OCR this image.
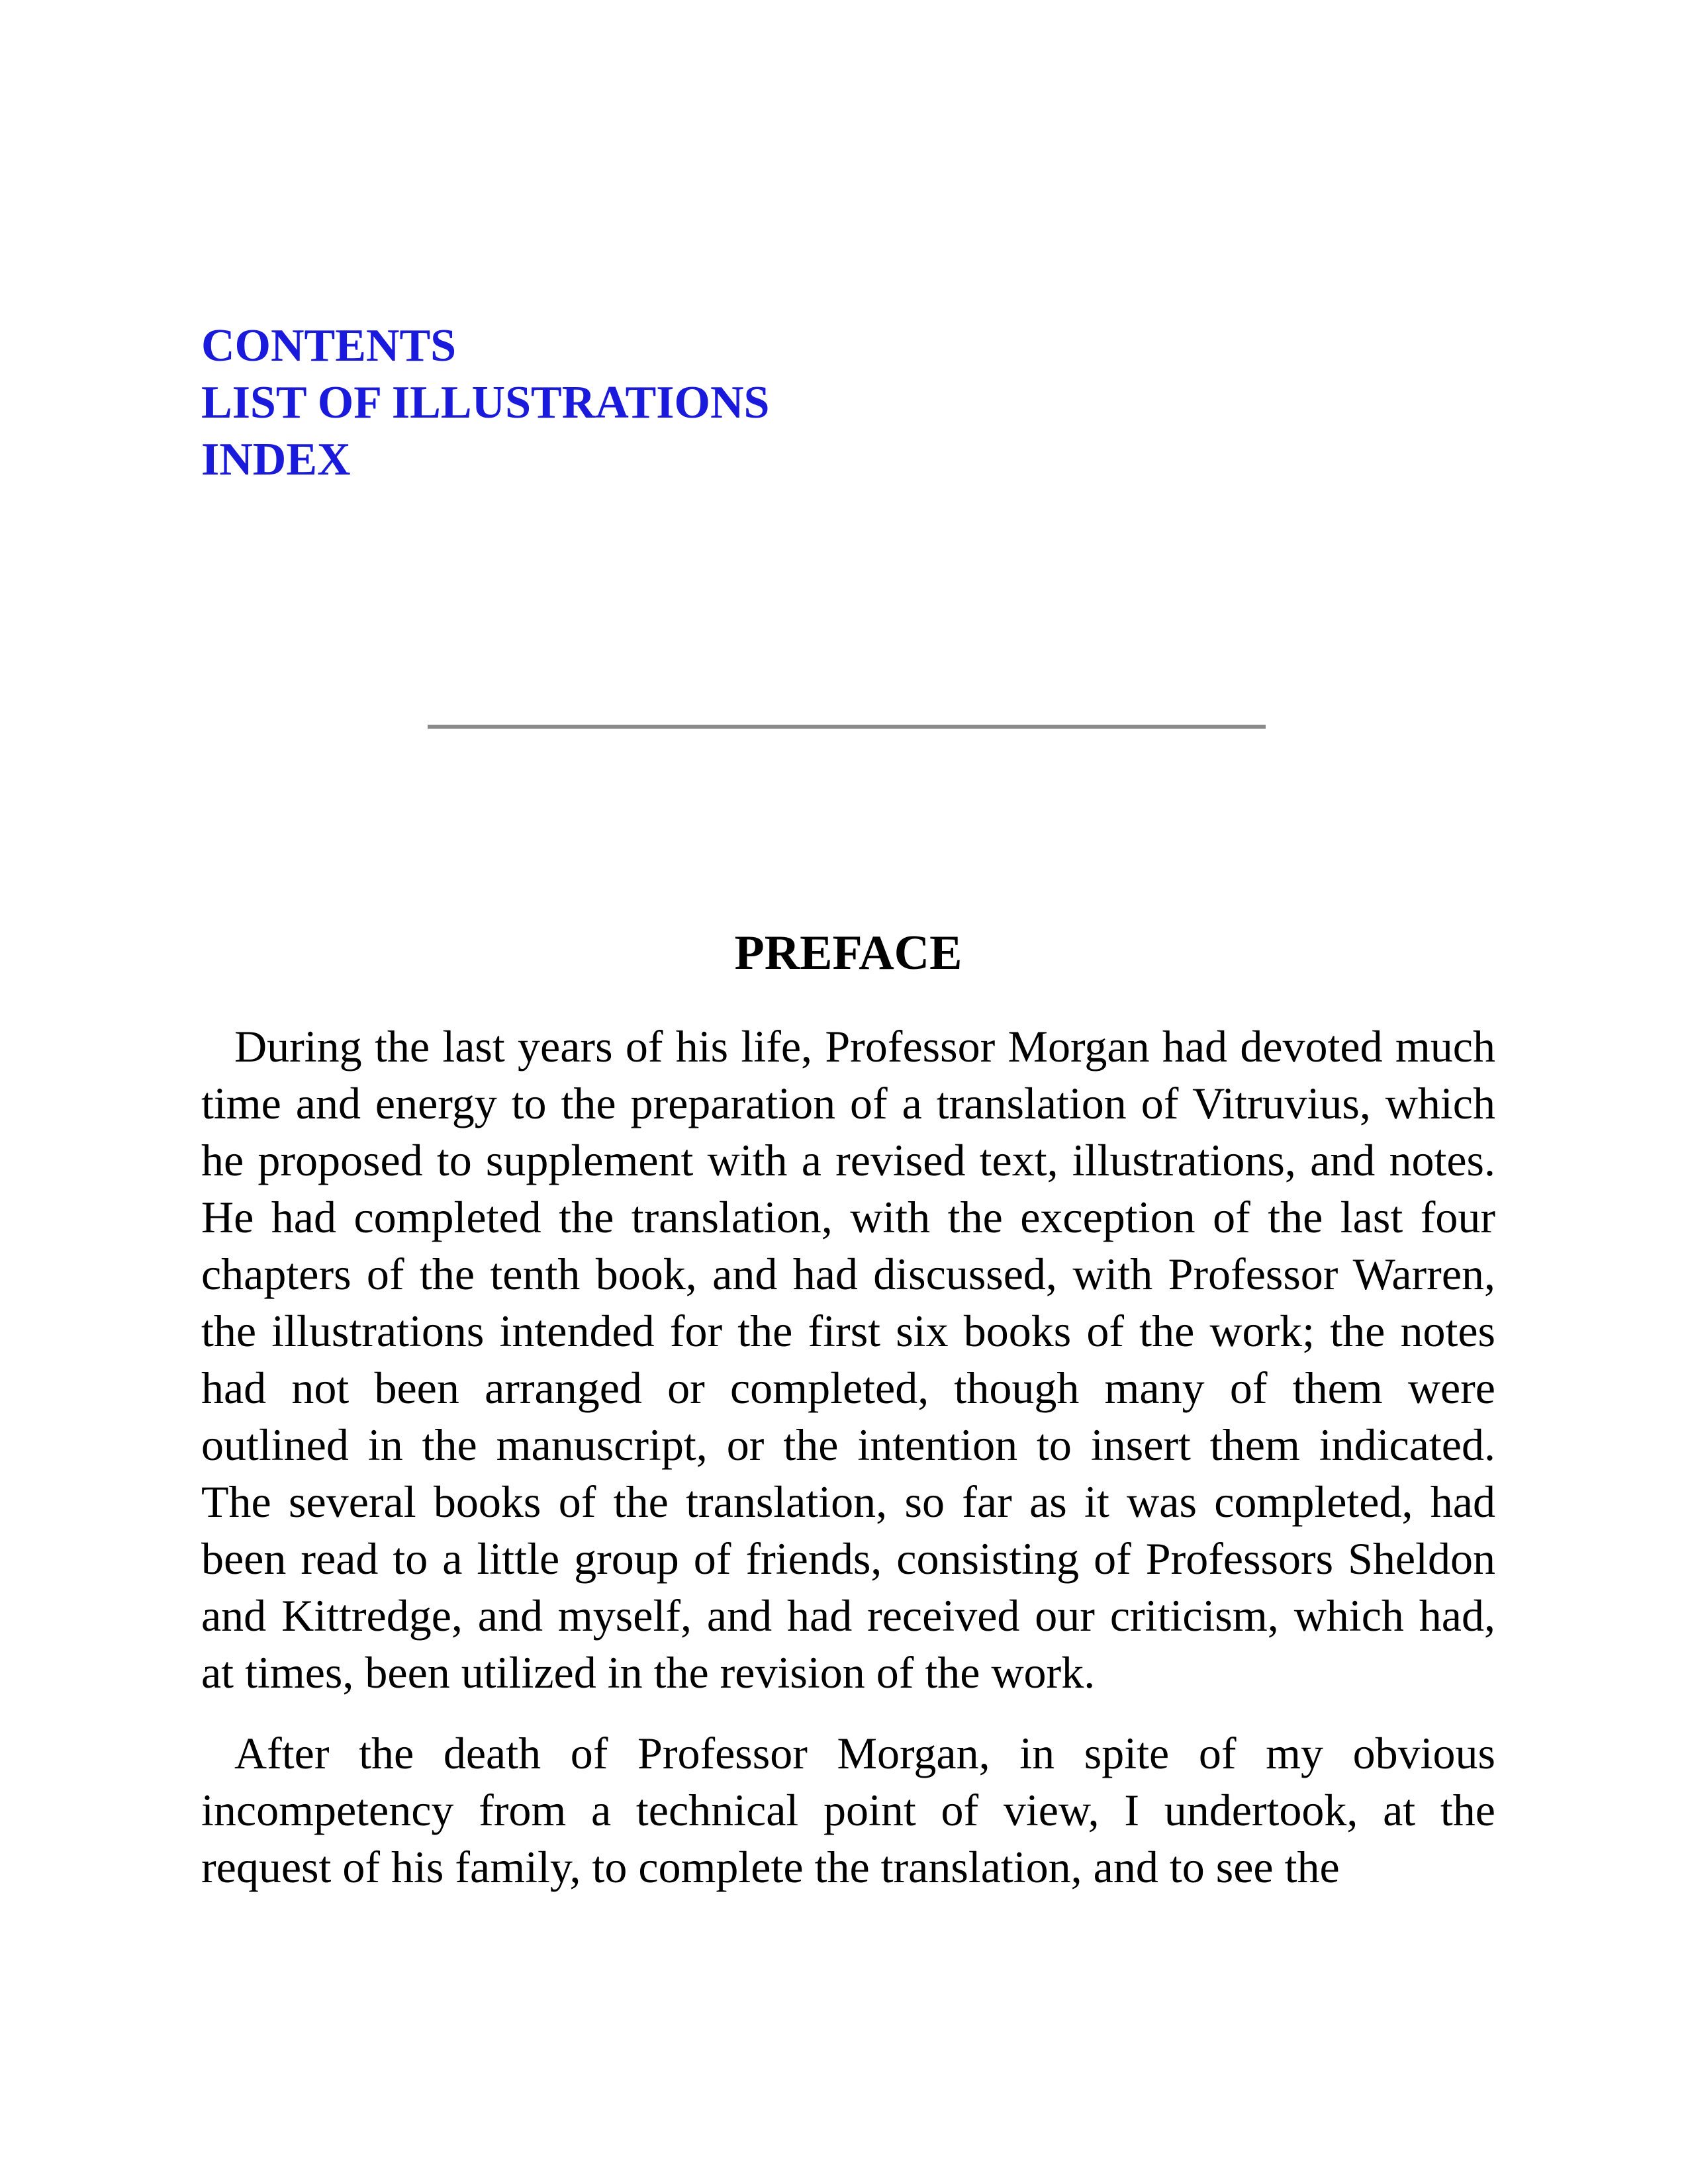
CONTENTS
LIST OF ILLUSTRATIONS
INDEX
PREFACE

During the last years of his life, Professor Morgan had devoted much time and energy to the preparation of a translation of Vitruvius, which he proposed to supplement with a revised text, illustrations, and notes. He had completed the translation, with the exception of the last four chapters of the tenth book, and had discussed, with Professor Warren, the illustrations intended for the first six books of the work; the notes had not been arranged or completed, though many of them were outlined in the manuscript, or the intention to insert them indicated. The several books of the translation, so far as it was completed, had been read to a little group of friends, consisting of Professors Sheldon and Kittredge, and myself, and had received our criticism, which had, at times, been utilized in the revision of the work.

After the death of Professor Morgan, in spite of my obvious incompetency from a technical point of view, I undertook, at the request of his family, to complete the translation, and to see the
